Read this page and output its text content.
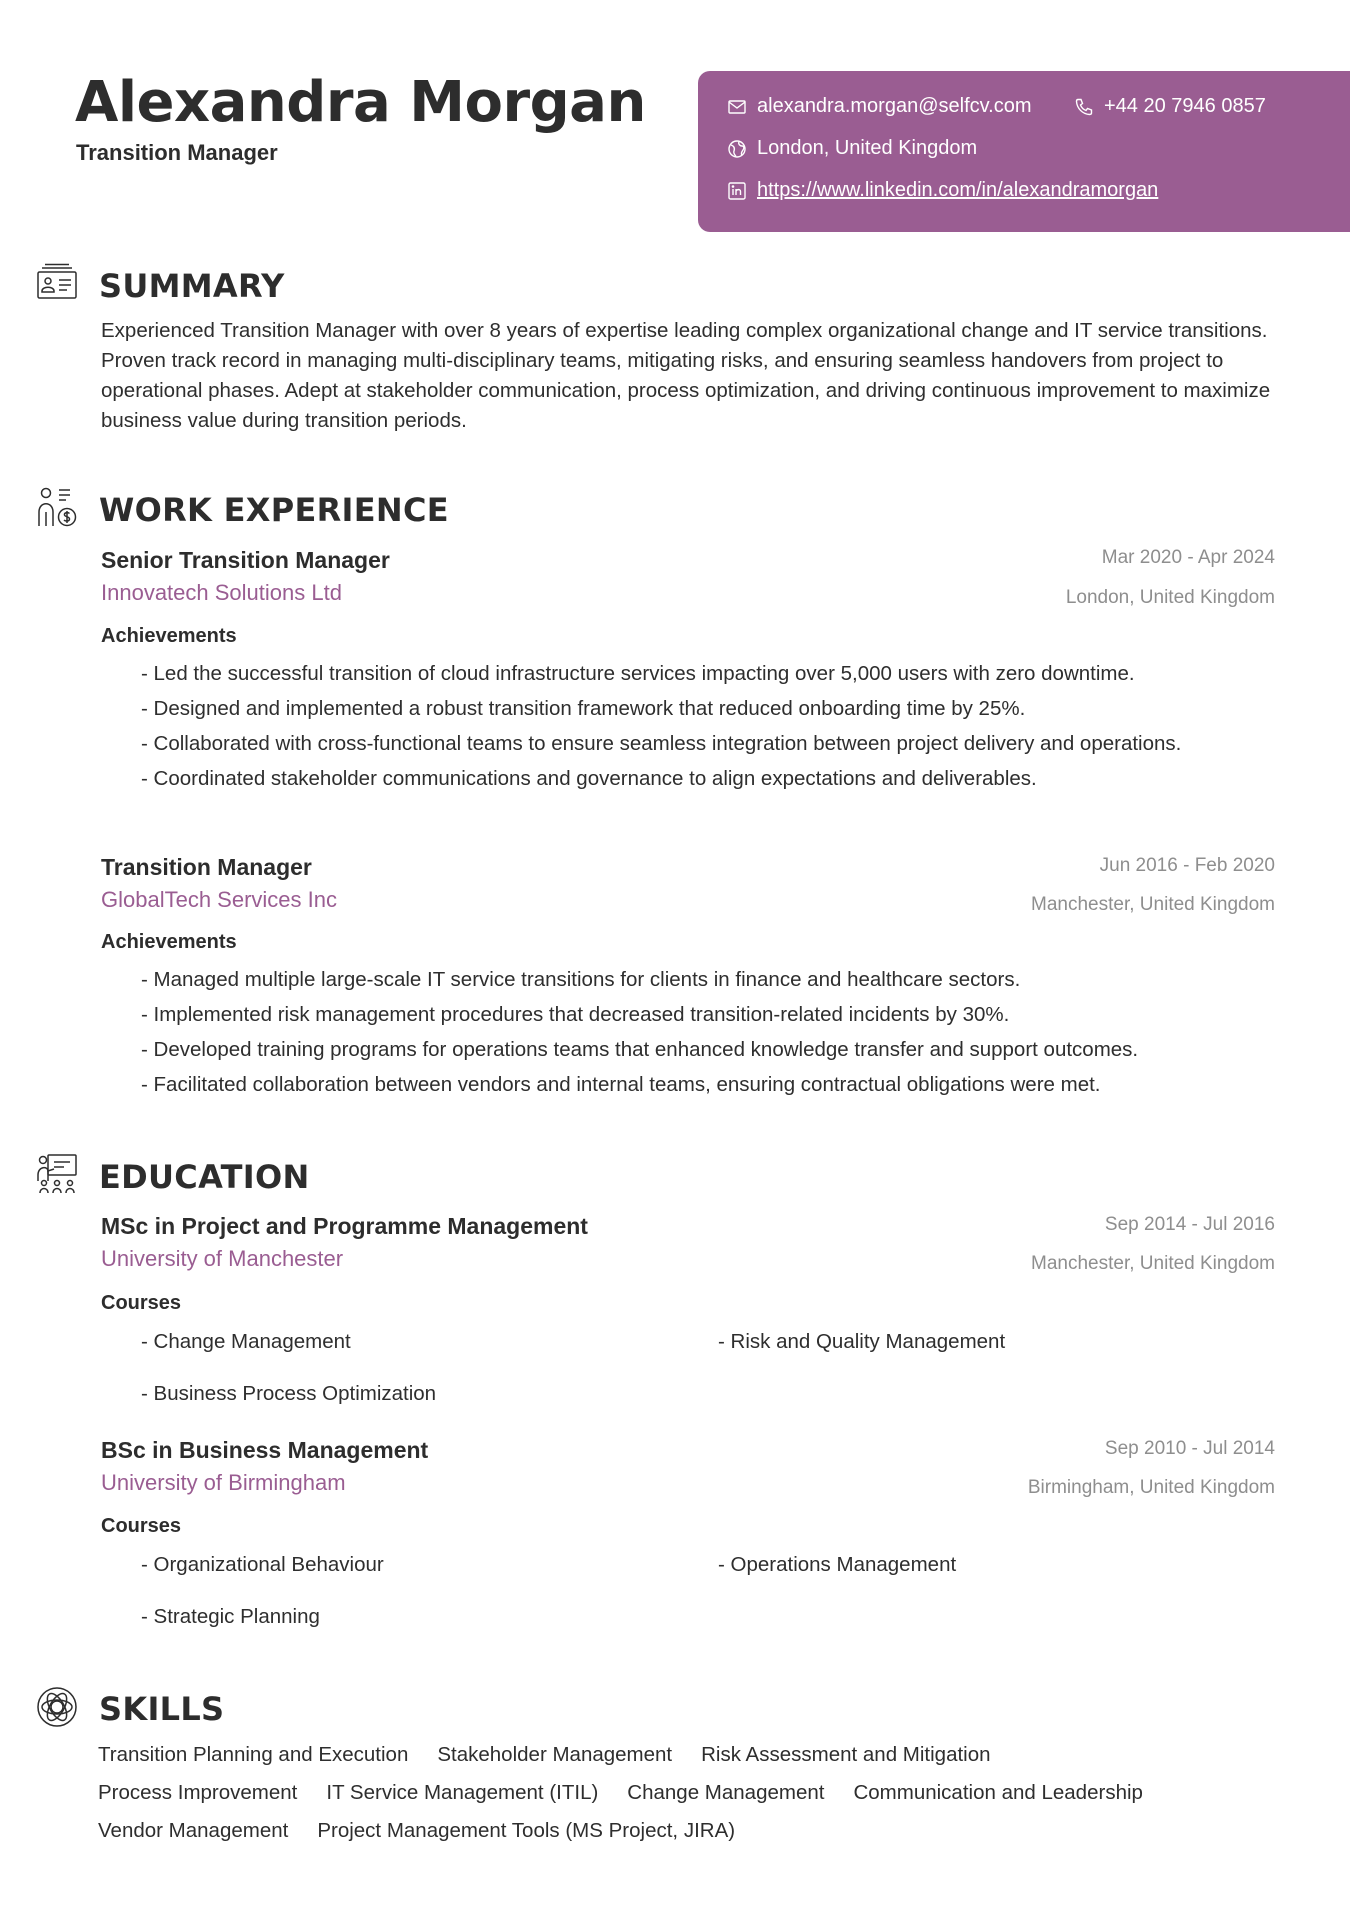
Alexandra Morgan

Transition Manager

alexandra.morgan@selfcv.com	+44 20 7946 0857
London, United Kingdom
https://www.linkedin.com/in/alexandramorgan
SUMMARY

Experienced Transition Manager with over 8 years of expertise leading complex organizational change and IT service transitions. Proven track record in managing multi-disciplinary teams, mitigating risks, and ensuring seamless handovers from project to operational phases. Adept at stakeholder communication, process optimization, and driving continuous improvement to maximize business value during transition periods.

WORK EXPERIENCE
Senior Transition Manager

Innovatech Solutions Ltd

Mar 2020 - Apr 2024

London, United Kingdom

Achievements

- Led the successful transition of cloud infrastructure services impacting over 5,000 users with zero downtime.
- Designed and implemented a robust transition framework that reduced onboarding time by 25%.
- Collaborated with cross-functional teams to ensure seamless integration between project delivery and operations.
- Coordinated stakeholder communications and governance to align expectations and deliverables.
Transition Manager

GlobalTech Services Inc

Jun 2016 - Feb 2020

Manchester, United Kingdom

Achievements

- Managed multiple large-scale IT service transitions for clients in finance and healthcare sectors.
- Implemented risk management procedures that decreased transition-related incidents by 30%.
- Developed training programs for operations teams that enhanced knowledge transfer and support outcomes.
- Facilitated collaboration between vendors and internal teams, ensuring contractual obligations were met.
EDUCATION
MSc in Project and Programme Management

University of Manchester

Sep 2014 - Jul 2016

Manchester, United Kingdom

Courses

- Change Management	- Risk and Quality Management

- Business Process Optimization

BSc in Business Management

University of Birmingham

Sep 2010 - Jul 2014

Birmingham, United Kingdom

Courses

- Organizational Behaviour	- Operations Management

- Strategic Planning

SKILLS
Transition Planning and Execution Stakeholder Management Risk Assessment and Mitigation
Process Improvement IT Service Management (ITIL) Change Management Communication and Leadership
Vendor Management Project Management Tools (MS Project, JIRA)
